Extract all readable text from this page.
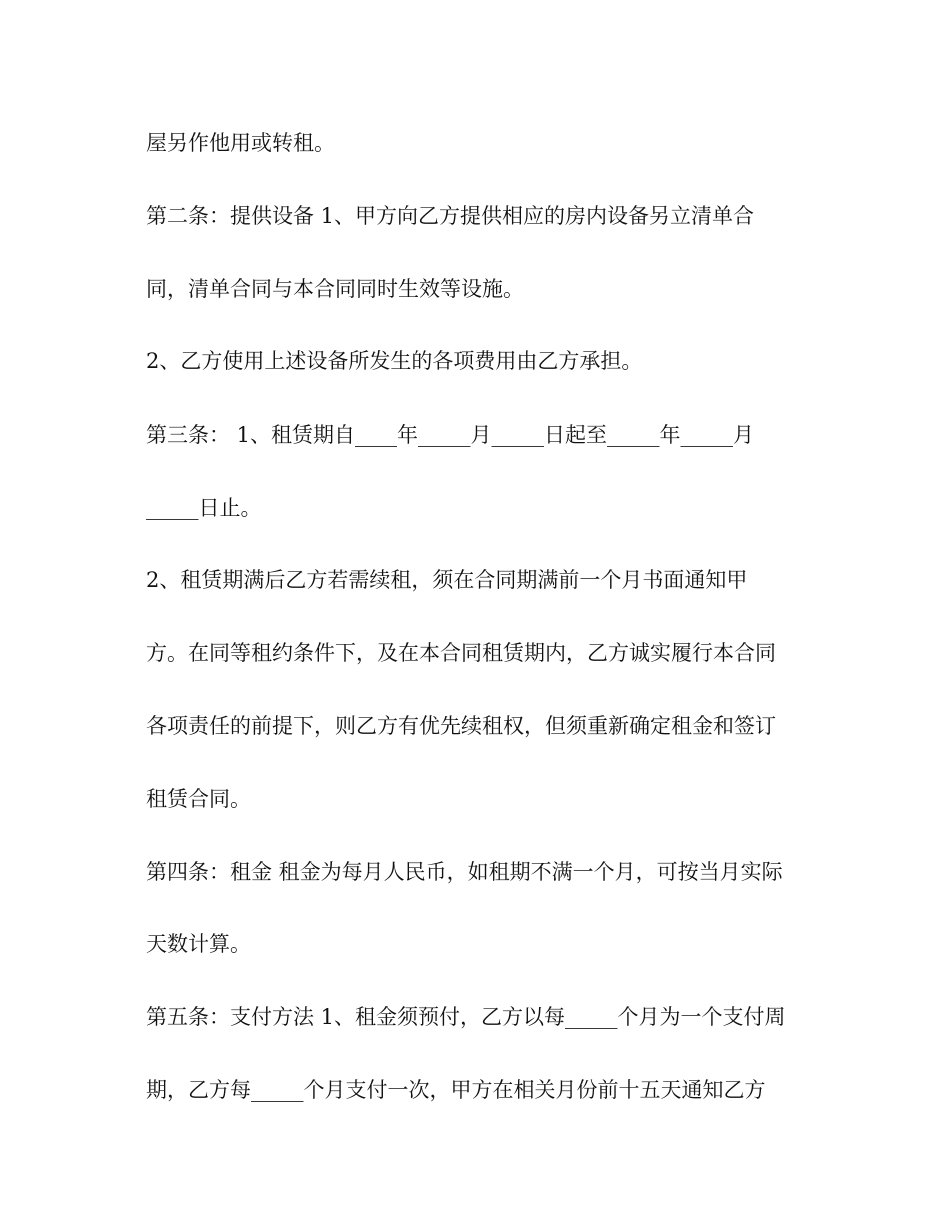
屋另作他用或转租。
第二条：提供设备 1、甲方向乙方提供相应的房内设备另立清单合
同，清单合同与本合同同时生效等设施。
2、乙方使用上述设备所发生的各项费用由乙方承担。
第三条： 1、租赁期自____年_____月_____日起至_____年_____月
_____日止。
2、租赁期满后乙方若需续租，须在合同期满前一个月书面通知甲
方。在同等租约条件下，及在本合同租赁期内，乙方诚实履行本合同
各项责任的前提下，则乙方有优先续租权，但须重新确定租金和签订
租赁合同。
第四条：租金 租金为每月人民币，如租期不满一个月，可按当月实际
天数计算。
第五条：支付方法 1、租金须预付，乙方以每_____个月为一个支付周
期，乙方每_____个月支付一次，甲方在相关月份前十五天通知乙方
